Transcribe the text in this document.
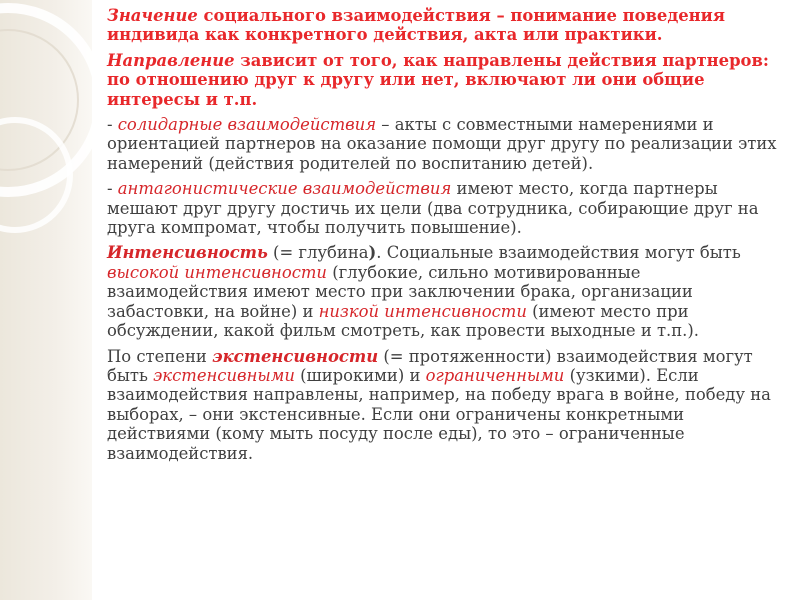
Значение социального взаимодействия – понимание поведения индивида как конкретного действия, акта или практики.

Направление зависит от того, как направлены действия партнеров: по отношению друг к другу или нет, включают ли они общие интересы и т.п.

- солидарные взаимодействия – акты с совместными намерениями и ориентацией партнеров на оказание помощи друг другу по реализации этих намерений (действия родителей по воспитанию детей).

- антагонистические взаимодействия имеют место, когда партнеры мешают друг другу достичь их цели (два сотрудника, собирающие друг на друга компромат, чтобы получить повышение).

Интенсивность (= глубина). Социальные взаимодействия могут быть высокой интенсивности (глубокие, сильно мотивированные взаимодействия имеют место при заключении брака, организации забастовки, на войне) и низкой интенсивности (имеют место при обсуждении, какой фильм смотреть, как провести выходные и т.п.).

По степени экстенсивности (= протяженности) взаимодействия могут быть экстенсивными (широкими) и ограниченными (узкими). Если взаимодействия направлены, например, на победу врага в войне, победу на выборах, – они экстенсивные. Если они ограничены конкретными действиями (кому мыть посуду после еды), то это – ограниченные взаимодействия.
